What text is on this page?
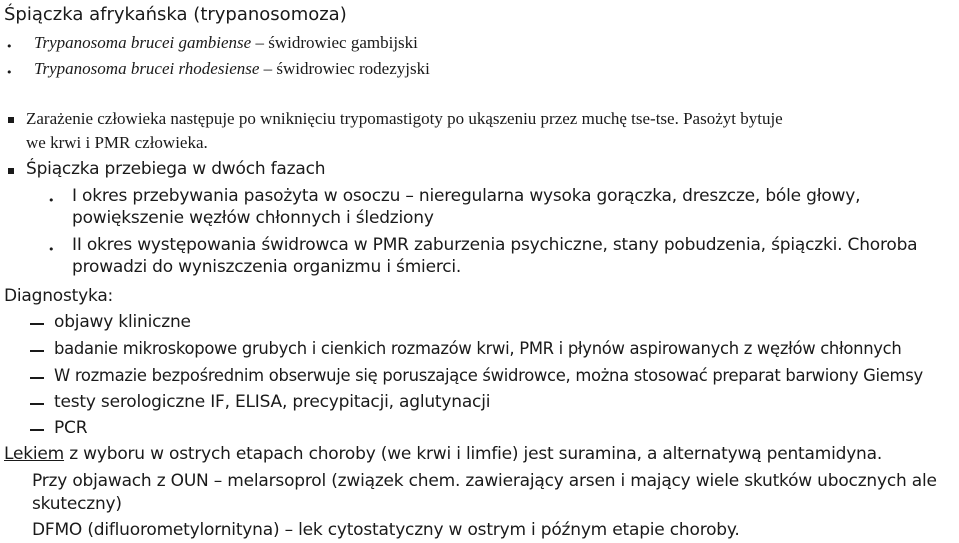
Śpiączka afrykańska (trypanosomoza)
• Trypanosoma brucei gambiense – świdrowiec gambijski
• Trypanosoma brucei rhodesiense – świdrowiec rodezyjski
Zarażenie człowieka następuje po wniknięciu trypomastigoty po ukąszeniu przez muchę tse-tse. Pasożyt bytuje
we krwi i PMR człowieka.
Śpiączka przebiega w dwóch fazach
• I okres przebywania pasożyta w osoczu – nieregularna wysoka gorączka, dreszcze, bóle głowy,
powiększenie węzłów chłonnych i śledziony
• II okres występowania świdrowca w PMR zaburzenia psychiczne, stany pobudzenia, śpiączki. Choroba
prowadzi do wyniszczenia organizmu i śmierci.
Diagnostyka:
objawy kliniczne
badanie mikroskopowe grubych i cienkich rozmazów krwi, PMR i płynów aspirowanych z węzłów chłonnych
W rozmazie bezpośrednim obserwuje się poruszające świdrowce, można stosować preparat barwiony Giemsy
testy serologiczne IF, ELISA, precypitacji, aglutynacji
PCR
Lekiem z wyboru w ostrych etapach choroby (we krwi i limfie) jest suramina, a alternatywą pentamidyna.
Przy objawach z OUN – melarsoprol (związek chem. zawierający arsen i mający wiele skutków ubocznych ale
skuteczny)
DFMO (difluorometylornityna) – lek cytostatyczny w ostrym i późnym etapie choroby.
